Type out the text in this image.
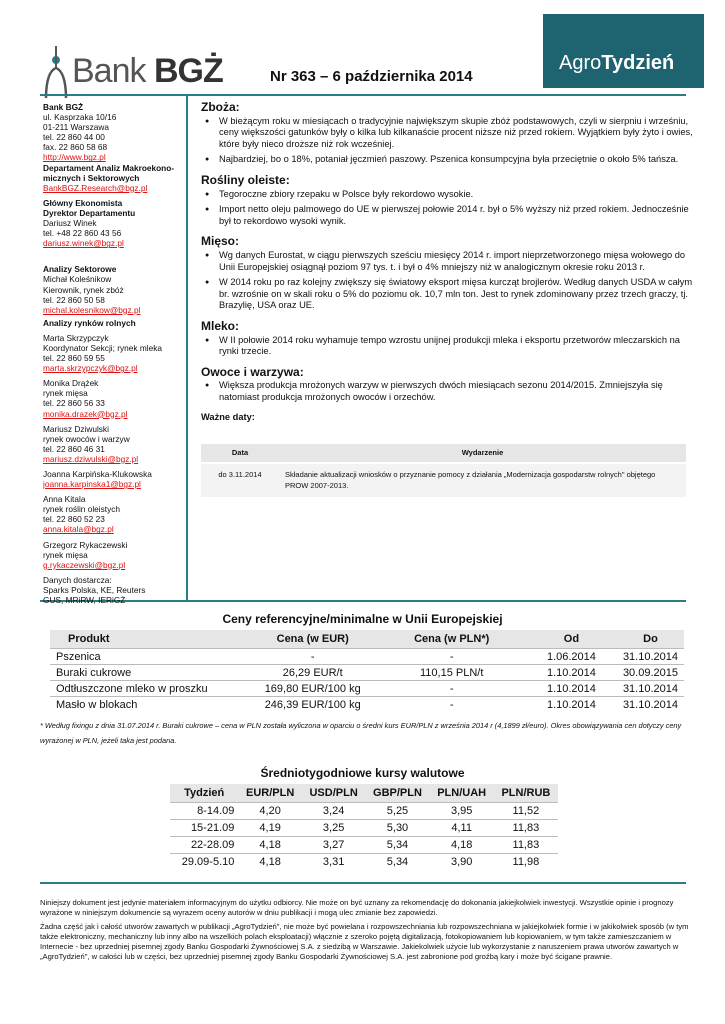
Bank BGŻ	Nr 363 – 6 października 2014
AgroTydzień
Bank BGŻ
ul. Kasprzaka 10/16
01-211 Warszawa
tel. 22 860 44 00
fax. 22 860 58 68
http://www.bgz.pl
Departament Analiz Makroekono-
micznych i Sektorowych
BankBGZ.Research@bgz.pl
Główny Ekonomista
Dyrektor Departamentu
Dariusz Winek
tel. +48 22 860 43 56
dariusz.winek@bgz.pl
Analizy Sektorowe
Michał Koleśnikow
Kierownik, rynek zbóż
tel. 22 860 50 58
michal.kolesnikow@bgz.pl
Analizy rynków rolnych
Marta Skrzypczyk
Koordynator Sekcji; rynek mleka
tel. 22 860 59 55
marta.skrzypczyk@bgz.pl
Monika Drążek
rynek mięsa
tel. 22 860 56 33
monika.drazek@bgz.pl
Mariusz Dziwulski
rynek owoców i warzyw
tel. 22 860 46 31
mariusz.dziwulski@bgz.pl
Joanna Karpińska-Klukowska
joanna.karpinska1@bgz.pl
Anna Kitala
rynek roślin oleistych
tel. 22 860 52 23
anna.kitala@bgz.pl
Grzegorz Rykaczewski
rynek mięsa
g.rykaczewski@bgz.pl
Danych dostarcza:
Sparks Polska, KE, Reuters
GUS, MRiRW, IERiGŻ
Zboża:
● W bieżącym roku w miesiącach o tradycyjnie największym skupie zbóż podstawowych, czyli w sierpniu i wrześniu, ceny większości gatunków były o kilka lub kilkanaście procent niższe niż przed rokiem. Wyjątkiem były żyto i owies, które były nieco droższe niż rok wcześniej.
● Najbardziej, bo o 18%, potaniał jęczmień paszowy. Pszenica konsumpcyjna była przeciętnie o około 5% tańsza.
Rośliny oleiste:
● Tegoroczne zbiory rzepaku w Polsce były rekordowo wysokie.
● Import netto oleju palmowego do UE w pierwszej połowie 2014 r. był o 5% wyższy niż przed rokiem. Jednocześnie był to rekordowo wysoki wynik.
Mięso:
● Wg danych Eurostat, w ciągu pierwszych sześciu miesięcy 2014 r. import nieprzetworzonego mięsa wołowego do Unii Europejskiej osiągnął poziom 97 tys. t. i był o 4% mniejszy niż w analogicznym okresie roku 2013 r.
● W 2014 roku po raz kolejny zwiększy się światowy eksport mięsa kurcząt brojlerów. Według danych USDA w całym br. wzrośnie on w skali roku o 5% do poziomu ok. 10,7 mln ton. Jest to rynek zdominowany przez trzech graczy, tj. Brazylię, USA oraz UE.
Mleko:
● W II połowie 2014 roku wyhamuje tempo wzrostu unijnej produkcji mleka i eksportu przetworów mleczarskich na rynki trzecie.
Owoce i warzywa:
● Większa produkcja mrożonych warzyw w pierwszych dwóch miesiącach sezonu 2014/2015. Zmniejszyła się natomiast produkcja mrożonych owoców i orzechów.
Ważne daty:
Data	Wydarzenie
do 3.11.2014	Składanie aktualizacji wniosków o przyznanie pomocy z działania „Modernizacja gospodarstw rolnych" objętego PROW 2007-2013.
Ceny referencyjne/minimalne w Unii Europejskiej
Produkt	Cena (w EUR)	Cena (w PLN*)	Od	Do
Pszenica	-	-	1.06.2014	31.10.2014
Buraki cukrowe	26,29 EUR/t	110,15 PLN/t	1.10.2014	30.09.2015
Odtłuszczone mleko w proszku	169,80 EUR/100 kg	-	1.10.2014	31.10.2014
Masło w blokach	246,39 EUR/100 kg	-	1.10.2014	31.10.2014
* Według fixingu z dnia 31.07.2014 r. Buraki cukrowe – cena w PLN została wyliczona w oparciu o średni kurs EUR/PLN z września 2014 r (4,1899 zł/euro). Okres obowiązywania cen dotyczy ceny wyrażonej w PLN, jeżeli taka jest podana.
Średniotygodniowe kursy walutowe
Tydzień	EUR/PLN	USD/PLN	GBP/PLN	PLN/UAH	PLN/RUB
8-14.09	4,20	3,24	5,25	3,95	11,52
15-21.09	4,19	3,25	5,30	4,11	11,83
22-28.09	4,18	3,27	5,34	4,18	11,83
29.09-5.10	4,18	3,31	5,34	3,90	11,98

Niniejszy dokument jest jedynie materiałem informacyjnym do użytku odbiorcy. Nie może on być uznany za rekomendację do dokonania jakiejkolwiek inwestycji. Wszystkie opinie i prognozy wyrażone w niniejszym dokumencie są wyrazem oceny autorów w dniu publikacji i mogą ulec zmianie bez zapowiedzi.

Żadna część jak i całość utworów zawartych w publikacji „AgroTydzień", nie może być powielana i rozpowszechniania lub rozpowszechniana w jakiejkolwiek formie i w jakikolwiek sposób (w tym także elektroniczny, mechaniczny lub inny albo na wszelkich polach eksploatacji) włącznie z szeroko pojętą digitalizacją, fotokopiowaniem lub kopiowaniem, w tym także zamieszczaniem w Internecie - bez uprzedniej pisemnej zgody Banku Gospodarki Żywnościowej S.A. z siedzibą w Warszawie. Jakiekolwiek użycie lub wykorzystanie z naruszeniem prawa utworów zawartych w „AgroTydzień", w całości lub w części, bez uprzedniej pisemnej zgody Banku Gospodarki Żywnościowej S.A. jest zabronione pod groźbą kary i może być ścigane prawnie.
